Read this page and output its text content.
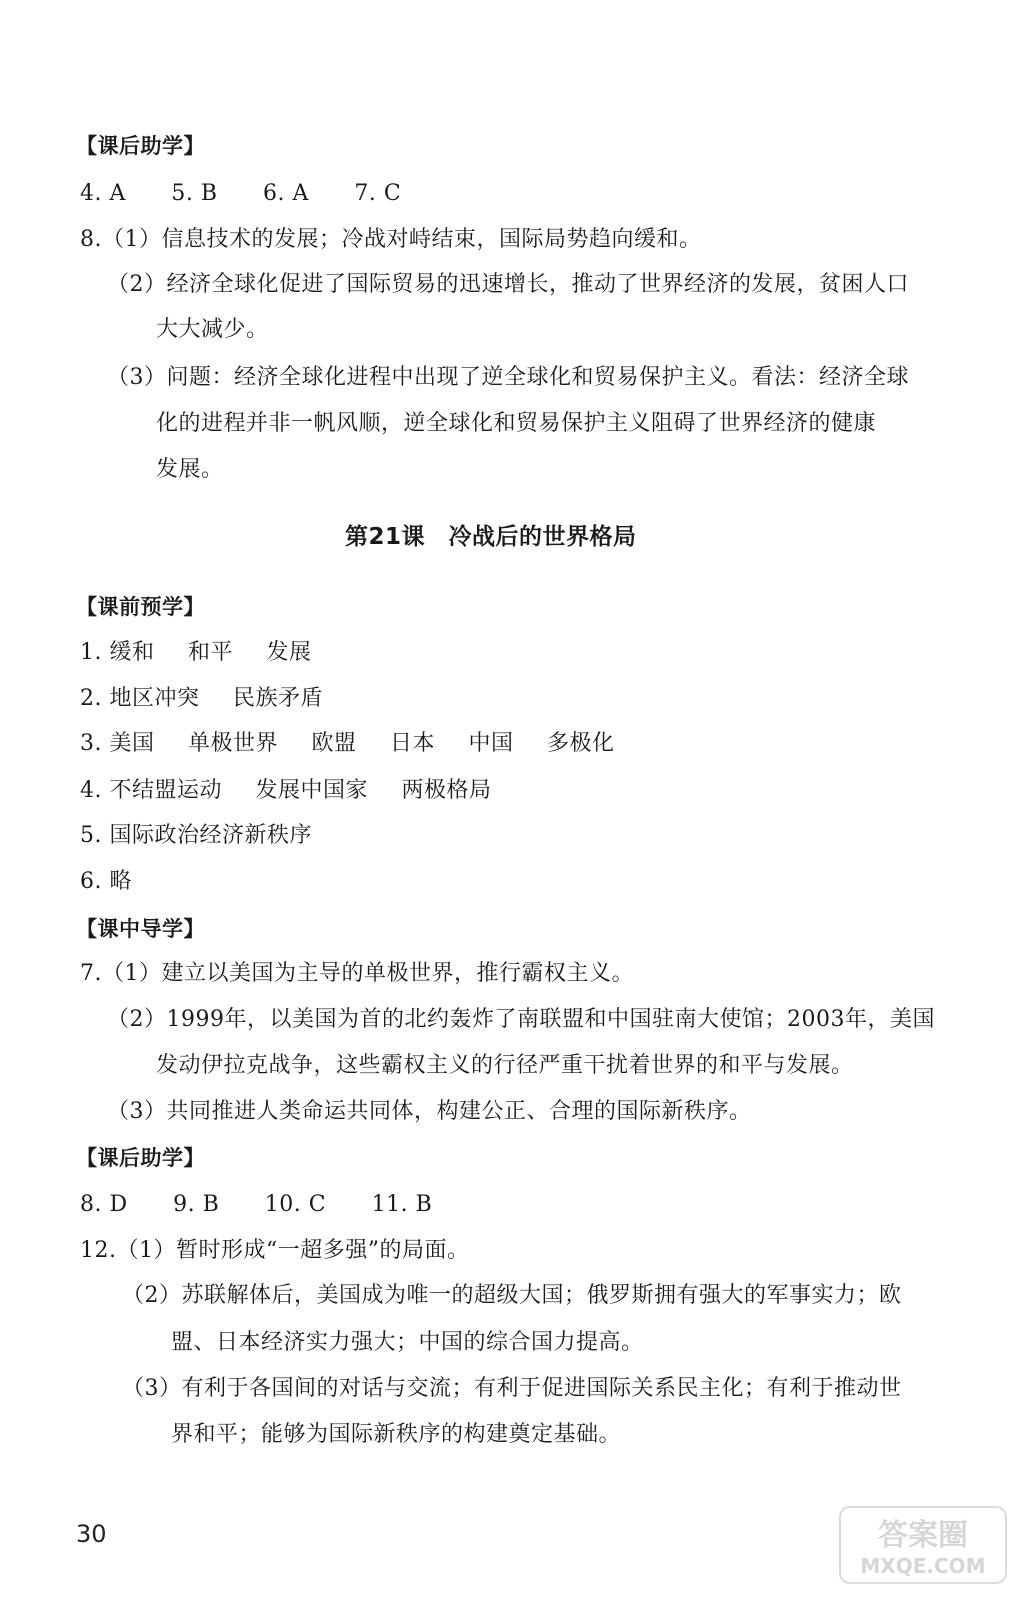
【课后助学】
4. A 5. B 6. A 7. C
8.（1）信息技术的发展；冷战对峙结束，国际局势趋向缓和。
（2）经济全球化促进了国际贸易的迅速增长，推动了世界经济的发展，贫困人口
大大减少。
（3）问题：经济全球化进程中出现了逆全球化和贸易保护主义。看法：经济全球
化的进程并非一帆风顺，逆全球化和贸易保护主义阻碍了世界经济的健康
发展。
第21课　冷战后的世界格局
【课前预学】
1. 缓和 和平 发展
2. 地区冲突 民族矛盾
3. 美国 单极世界 欧盟 日本 中国 多极化
4. 不结盟运动 发展中国家 两极格局
5. 国际政治经济新秩序
6. 略
【课中导学】
7.（1）建立以美国为主导的单极世界，推行霸权主义。
（2）1999年，以美国为首的北约轰炸了南联盟和中国驻南大使馆；2003年，美国
发动伊拉克战争，这些霸权主义的行径严重干扰着世界的和平与发展。
（3）共同推进人类命运共同体，构建公正、合理的国际新秩序。
【课后助学】
8. D 9. B 10. C 11. B
12.（1）暂时形成“一超多强”的局面。
（2）苏联解体后，美国成为唯一的超级大国；俄罗斯拥有强大的军事实力；欧
盟、日本经济实力强大；中国的综合国力提高。
（3）有利于各国间的对话与交流；有利于促进国际关系民主化；有利于推动世
界和平；能够为国际新秩序的构建奠定基础。
30	答案圈
MXQE.COM
